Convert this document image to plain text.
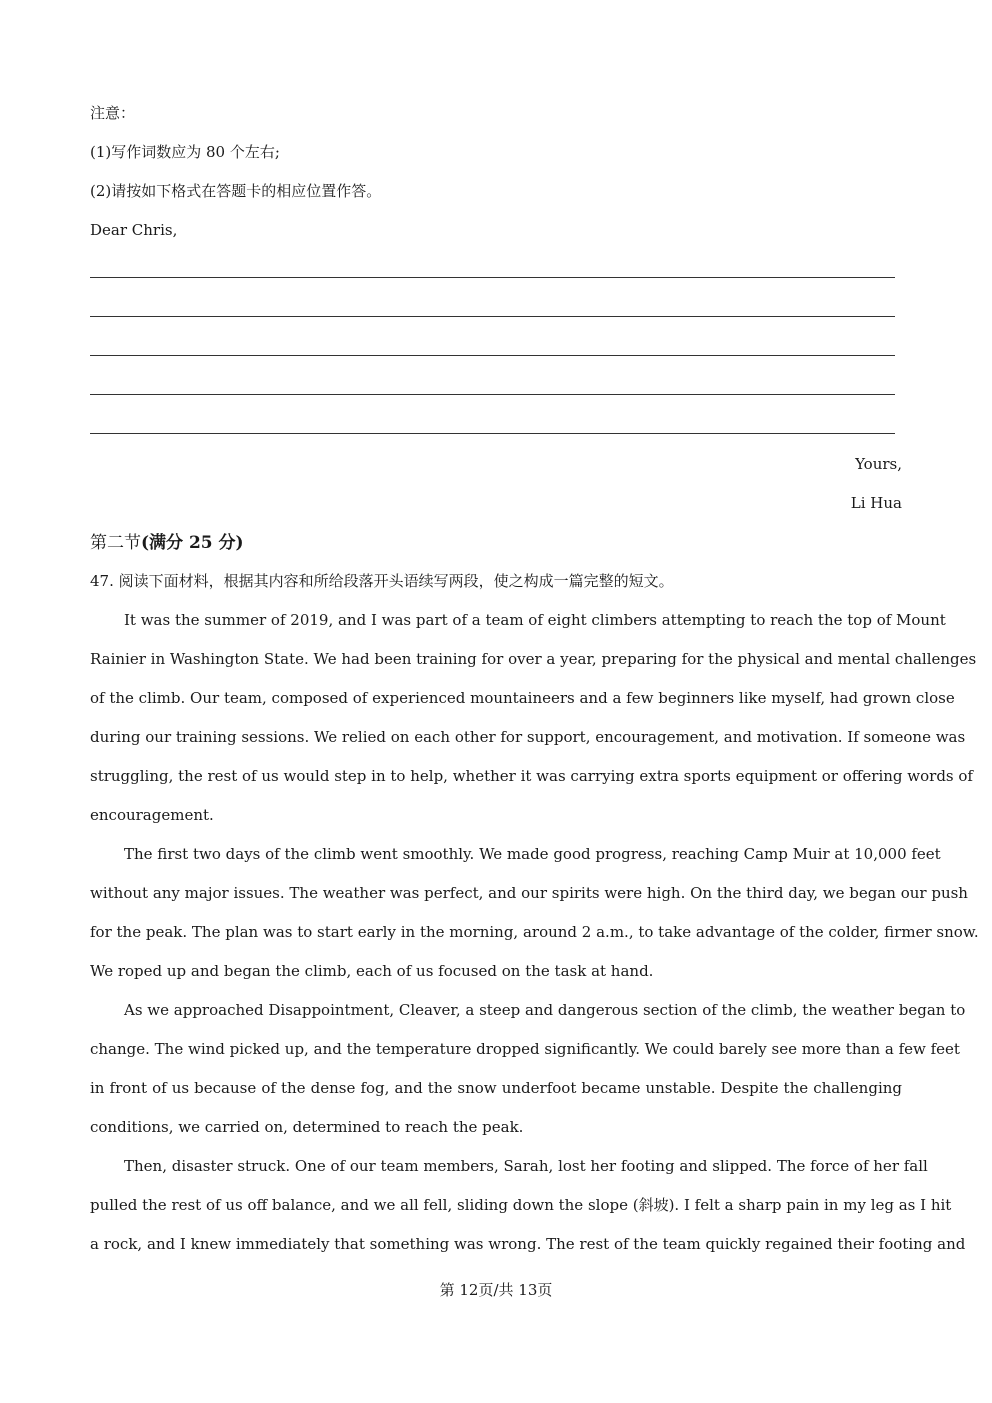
注意：
(1)写作词数应为 80 个左右;
(2)请按如下格式在答题卡的相应位置作答。
Dear Chris,
Yours,
Li Hua
第二节(满分 25 分)
47. 阅读下面材料，根据其内容和所给段落开头语续写两段，使之构成一篇完整的短文。
It was the summer of 2019, and I was part of a team of eight climbers attempting to reach the top of Mount
Rainier in Washington State. We had been training for over a year, preparing for the physical and mental challenges
of the climb. Our team, composed of experienced mountaineers and a few beginners like myself, had grown close
during our training sessions. We relied on each other for support, encouragement, and motivation. If someone was
struggling, the rest of us would step in to help, whether it was carrying extra sports equipment or offering words of
encouragement.
The first two days of the climb went smoothly. We made good progress, reaching Camp Muir at 10,000 feet
without any major issues. The weather was perfect, and our spirits were high. On the third day, we began our push
for the peak. The plan was to start early in the morning, around 2 a.m., to take advantage of the colder, firmer snow.
We roped up and began the climb, each of us focused on the task at hand.
As we approached Disappointment, Cleaver, a steep and dangerous section of the climb, the weather began to
change. The wind picked up, and the temperature dropped significantly. We could barely see more than a few feet
in front of us because of the dense fog, and the snow underfoot became unstable. Despite the challenging
conditions, we carried on, determined to reach the peak.
Then, disaster struck. One of our team members, Sarah, lost her footing and slipped. The force of her fall
pulled the rest of us off balance, and we all fell, sliding down the slope (斜坡). I felt a sharp pain in my leg as I hit
a rock, and I knew immediately that something was wrong. The rest of the team quickly regained their footing and
第 12页/共 13页
